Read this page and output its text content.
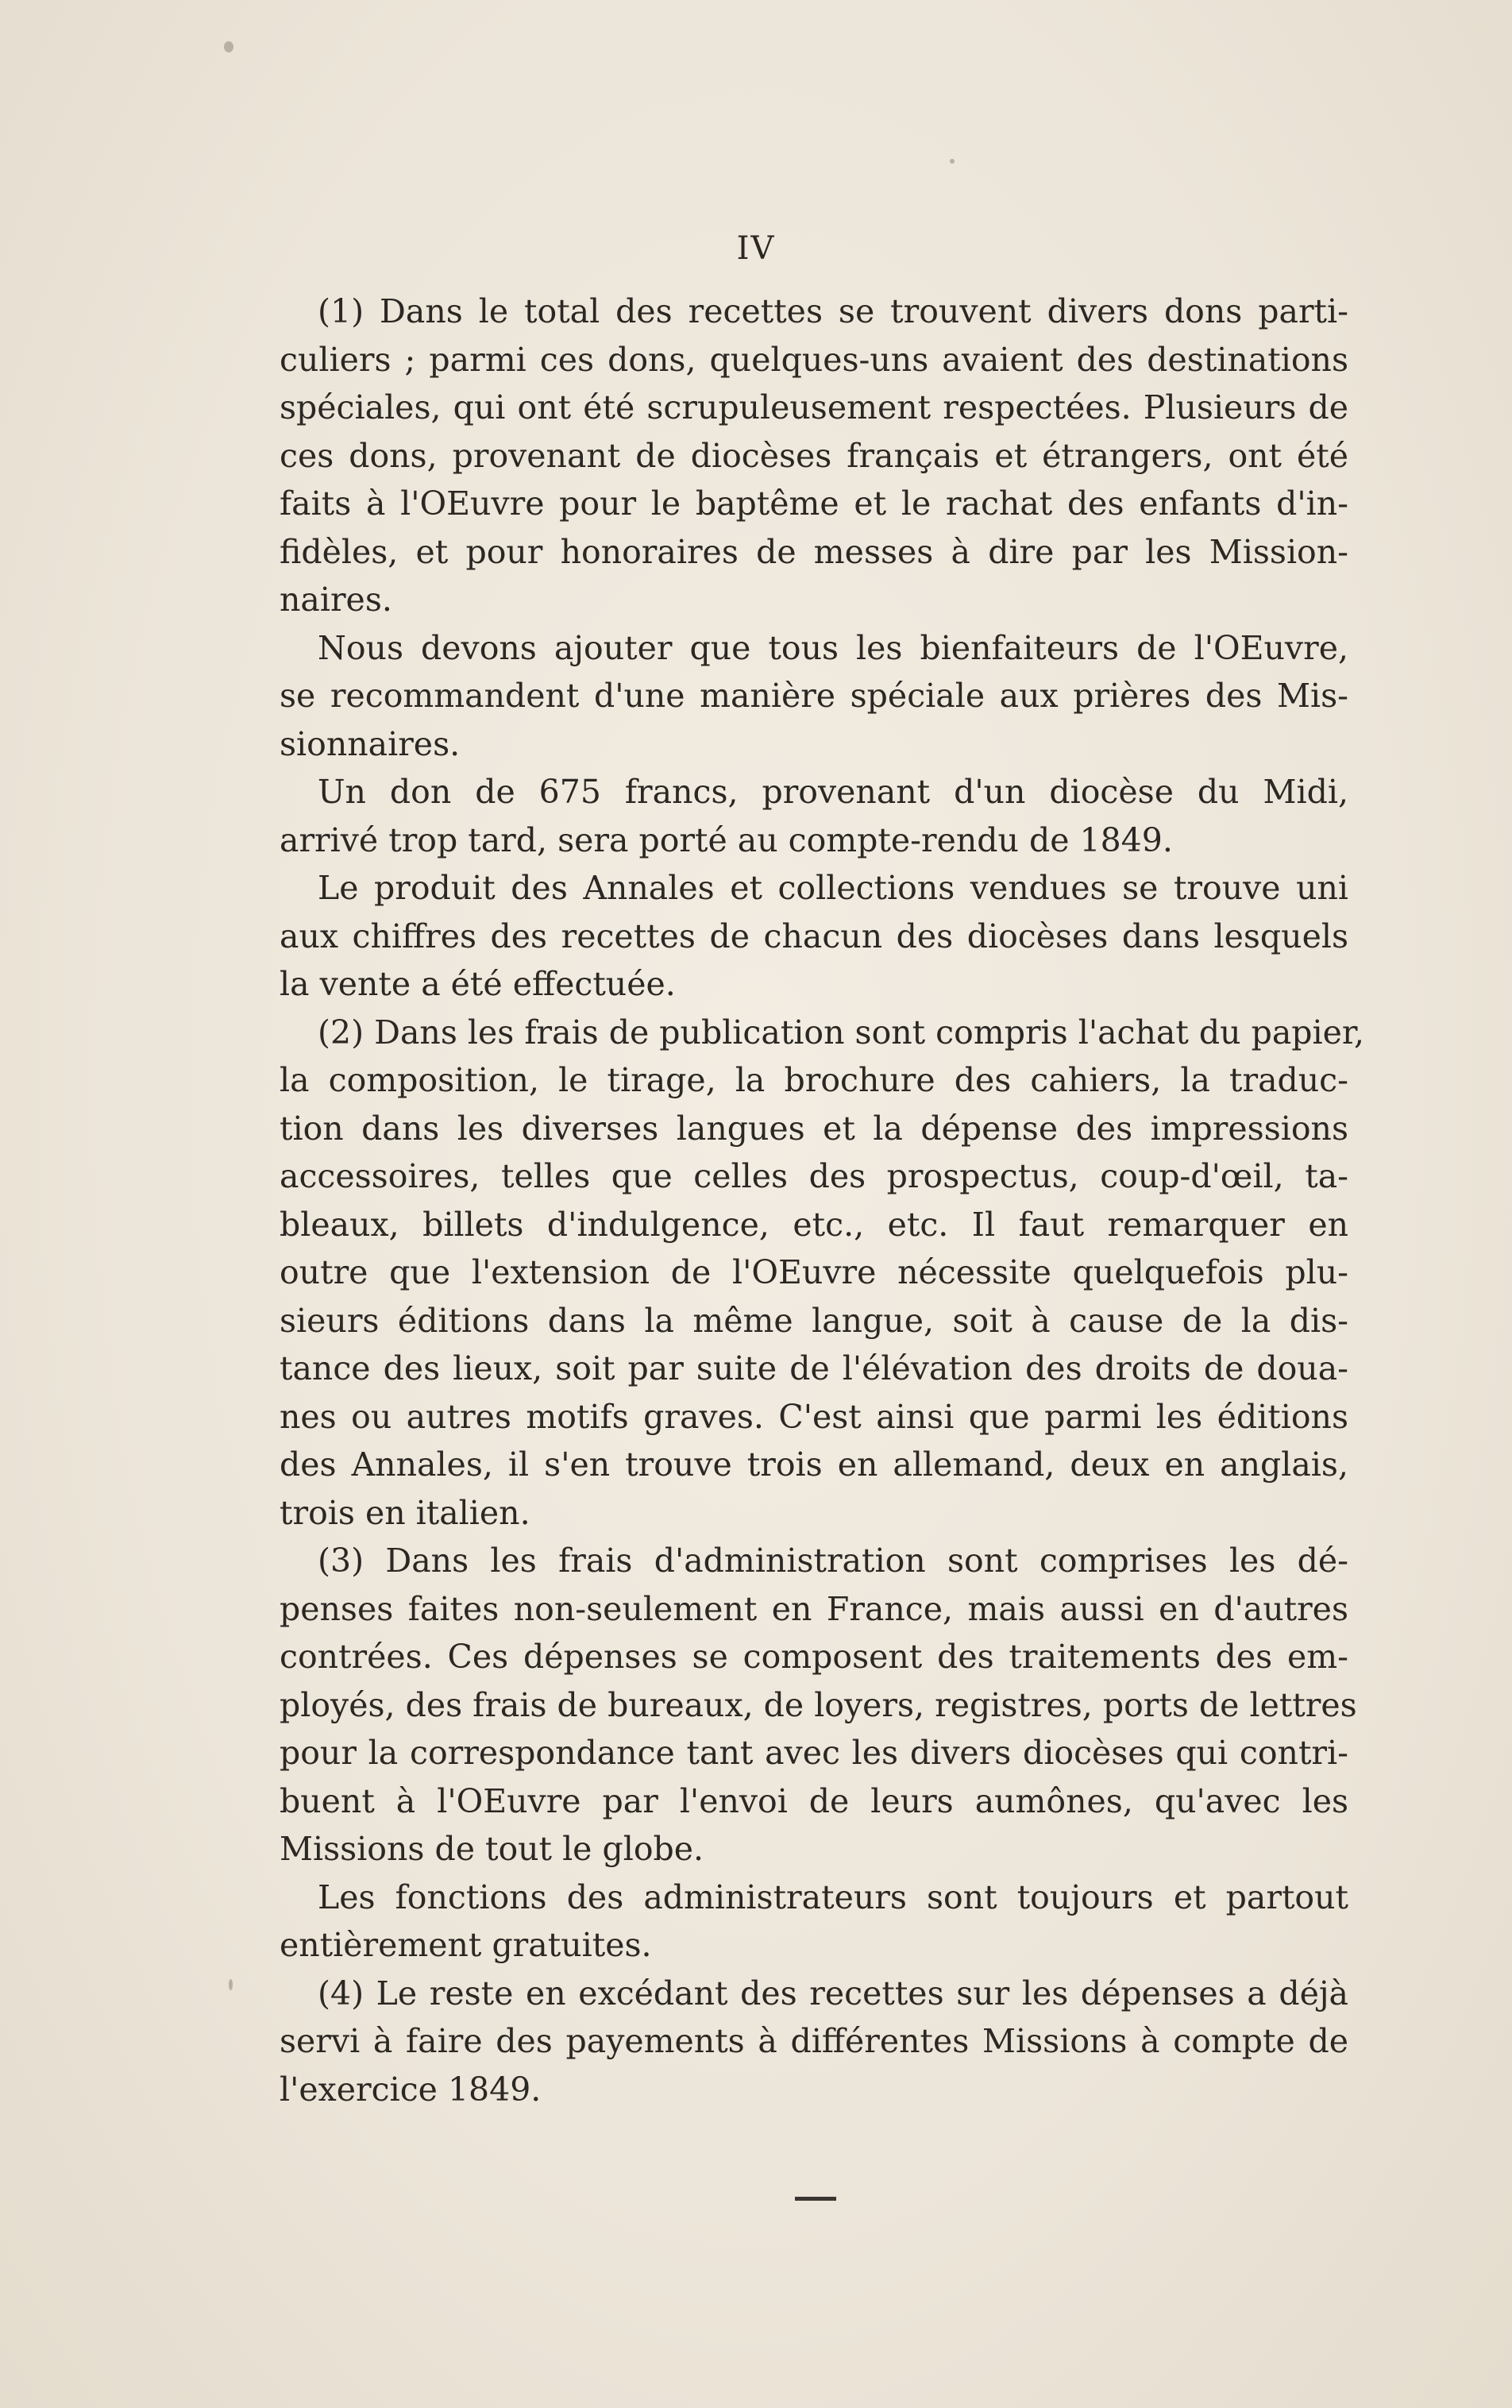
IV
(1) Dans le total des recettes se trouvent divers dons parti-
culiers ; parmi ces dons, quelques-uns avaient des destinations
spéciales, qui ont été scrupuleusement respectées. Plusieurs de
ces dons, provenant de diocèses français et étrangers, ont été
faits à l'OEuvre pour le baptême et le rachat des enfants d'in-
fidèles, et pour honoraires de messes à dire par les Mission-
naires.
Nous devons ajouter que tous les bienfaiteurs de l'OEuvre,
se recommandent d'une manière spéciale aux prières des Mis-
sionnaires.
Un don de 675 francs, provenant d'un diocèse du Midi,
arrivé trop tard, sera porté au compte-rendu de 1849.
Le produit des Annales et collections vendues se trouve uni
aux chiffres des recettes de chacun des diocèses dans lesquels
la vente a été effectuée.
(2) Dans les frais de publication sont compris l'achat du papier,
la composition, le tirage, la brochure des cahiers, la traduc-
tion dans les diverses langues et la dépense des impressions
accessoires, telles que celles des prospectus, coup-d'œil, ta-
bleaux, billets d'indulgence, etc., etc. Il faut remarquer en
outre que l'extension de l'OEuvre nécessite quelquefois plu-
sieurs éditions dans la même langue, soit à cause de la dis-
tance des lieux, soit par suite de l'élévation des droits de doua-
nes ou autres motifs graves. C'est ainsi que parmi les éditions
des Annales, il s'en trouve trois en allemand, deux en anglais,
trois en italien.
(3) Dans les frais d'administration sont comprises les dé-
penses faites non-seulement en France, mais aussi en d'autres
contrées. Ces dépenses se composent des traitements des em-
ployés, des frais de bureaux, de loyers, registres, ports de lettres
pour la correspondance tant avec les divers diocèses qui contri-
buent à l'OEuvre par l'envoi de leurs aumônes, qu'avec les
Missions de tout le globe.
Les fonctions des administrateurs sont toujours et partout
entièrement gratuites.
(4) Le reste en excédant des recettes sur les dépenses a déjà
servi à faire des payements à différentes Missions à compte de
l'exercice 1849.
